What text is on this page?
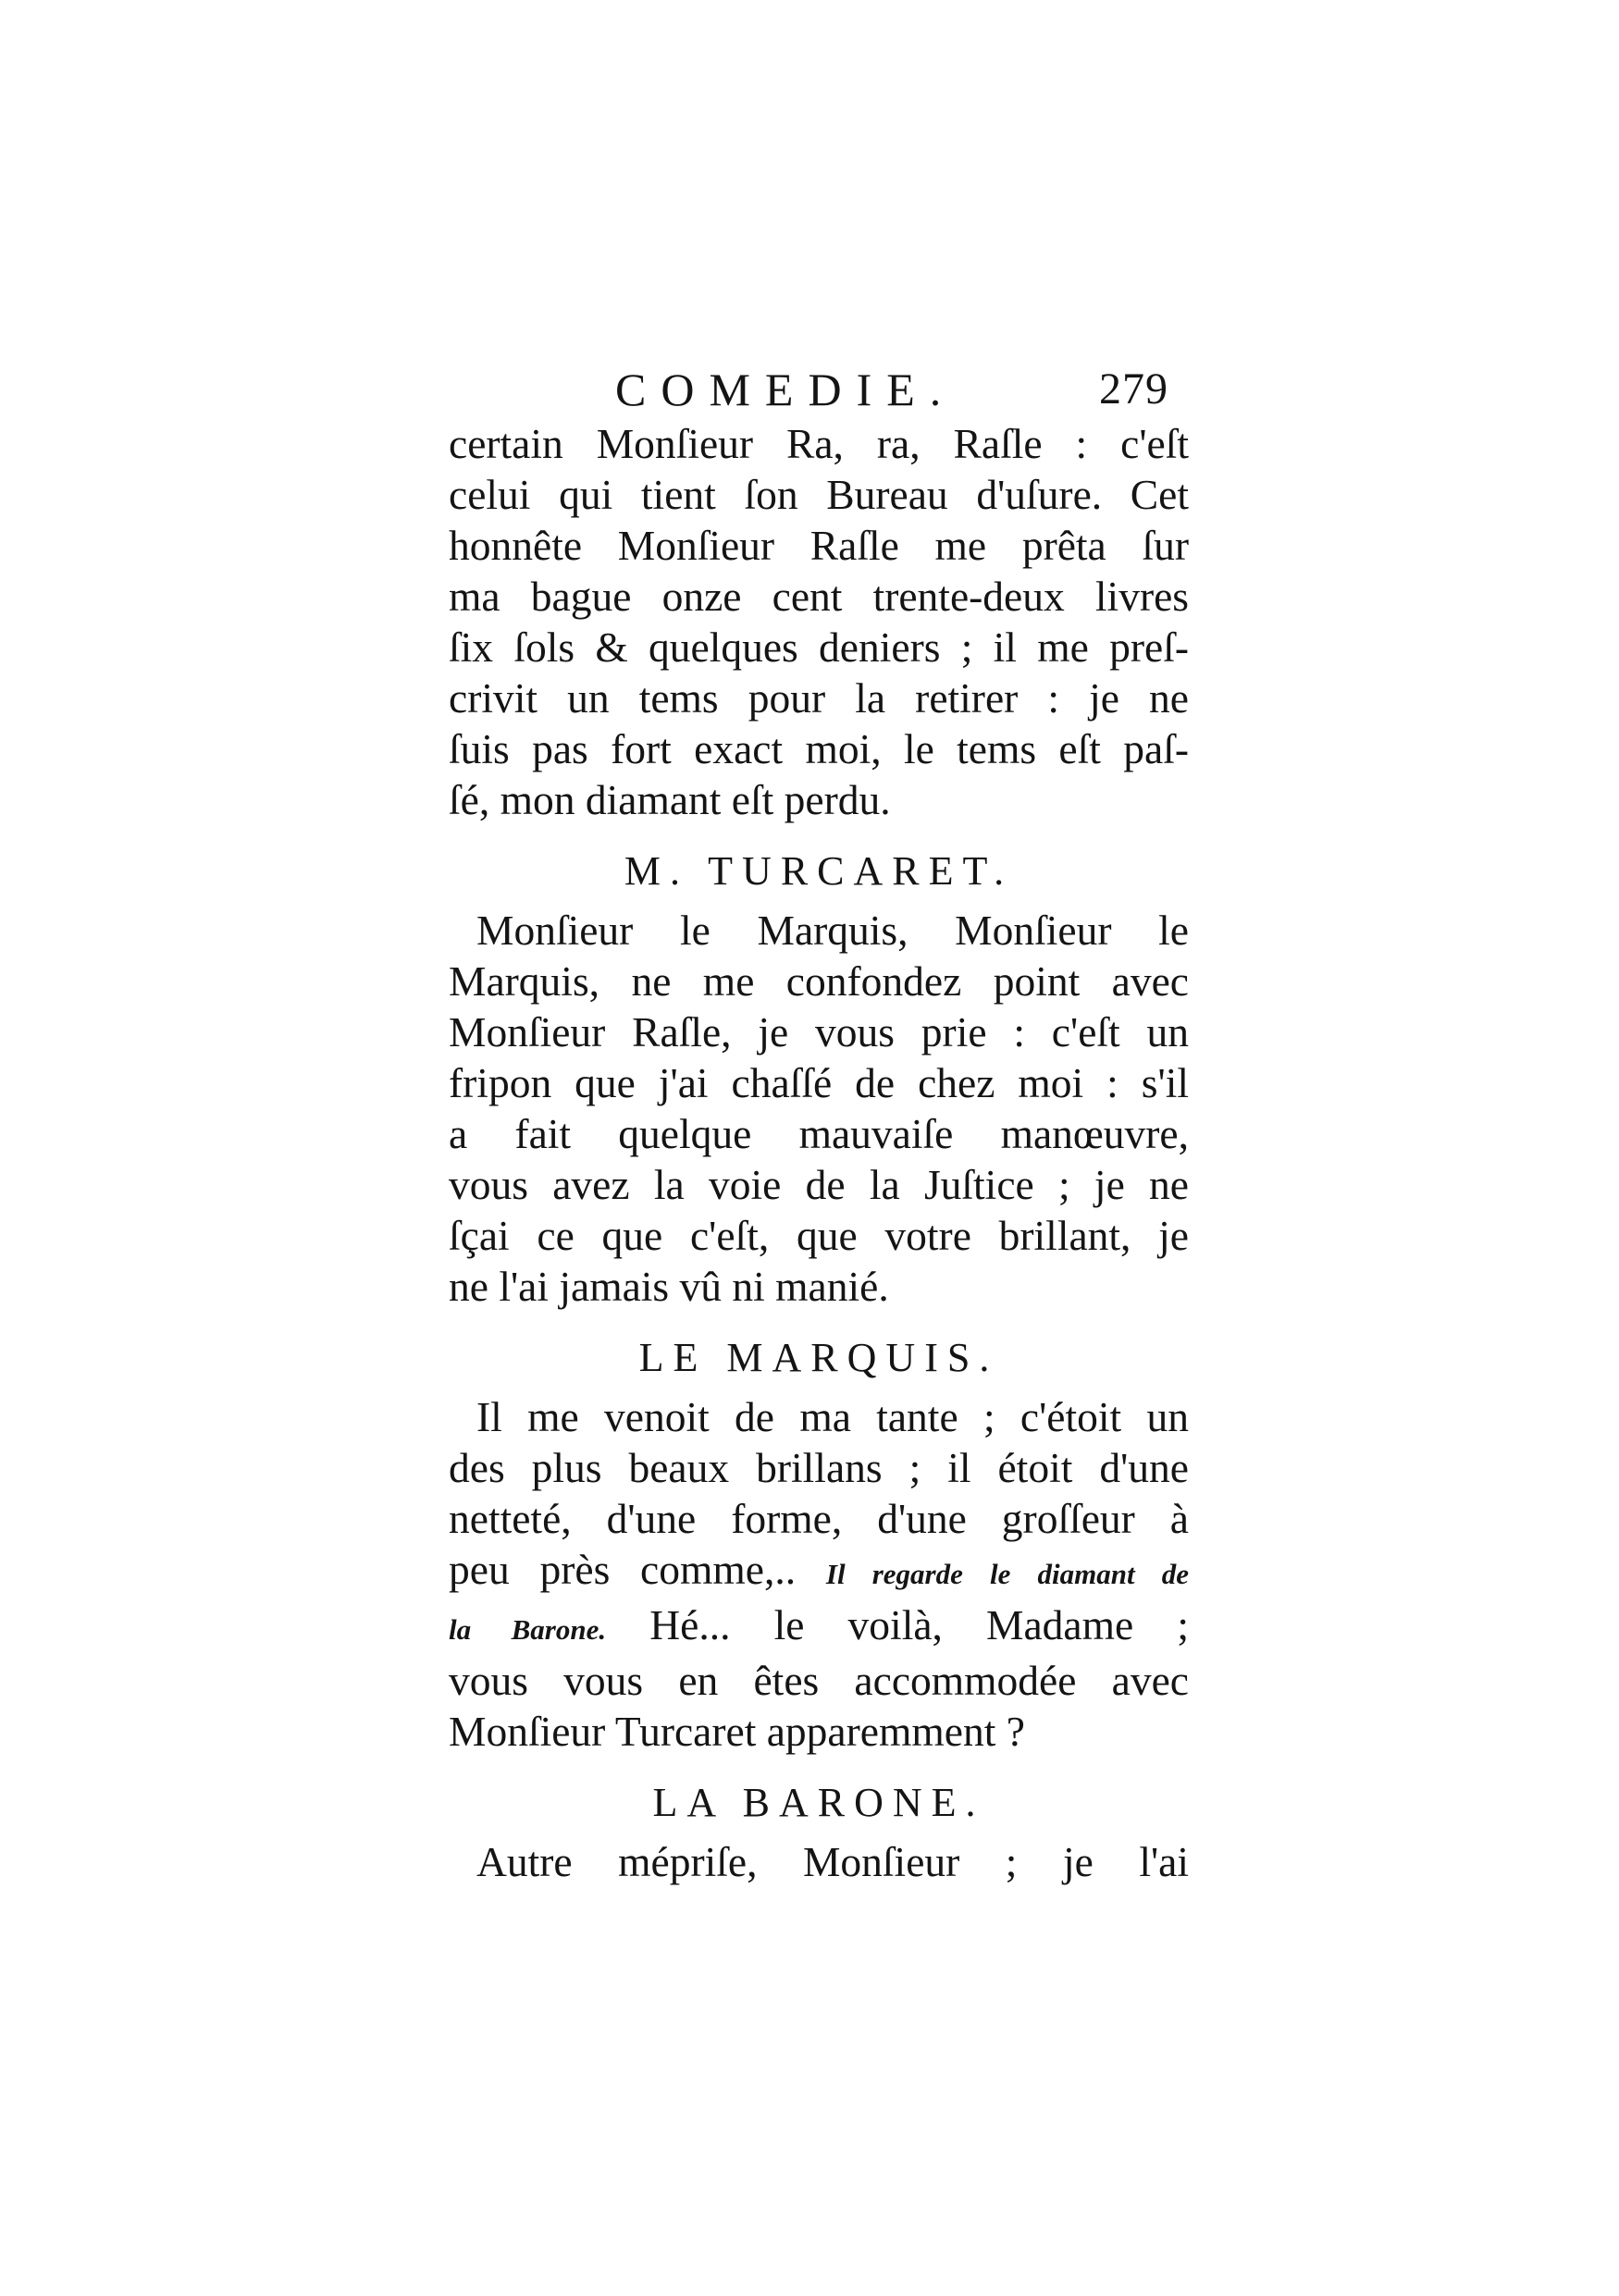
COMEDIE.	279
certain Monſieur Ra, ra, Raſle : c'eſt
celui qui tient ſon Bureau d'uſure. Cet
honnête Monſieur Raſle me prêta ſur
ma bague onze cent trente-deux livres
ſix ſols & quelques deniers ; il me preſ-
crivit un tems pour la retirer : je ne
ſuis pas fort exact moi, le tems eſt paſ-
ſé, mon diamant eſt perdu.
M. TURCARET.
Monſieur le Marquis, Monſieur le
Marquis, ne me confondez point avec
Monſieur Raſle, je vous prie : c'eſt un
fripon que j'ai chaſſé de chez moi : s'il
a fait quelque mauvaiſe manœuvre,
vous avez la voie de la Juſtice ; je ne
ſçai ce que c'eſt, que votre brillant, je
ne l'ai jamais vû ni manié.
LE MARQUIS.
Il me venoit de ma tante ; c'étoit un
des plus beaux brillans ; il étoit d'une
netteté, d'une forme, d'une groſſeur à
peu près comme,.. Il regarde le diamant de
la Barone. Hé... le voilà, Madame ;
vous vous en êtes accommodée avec
Monſieur Turcaret apparemment ?
LA BARONE.
Autre mépriſe, Monſieur ; je l'ai
